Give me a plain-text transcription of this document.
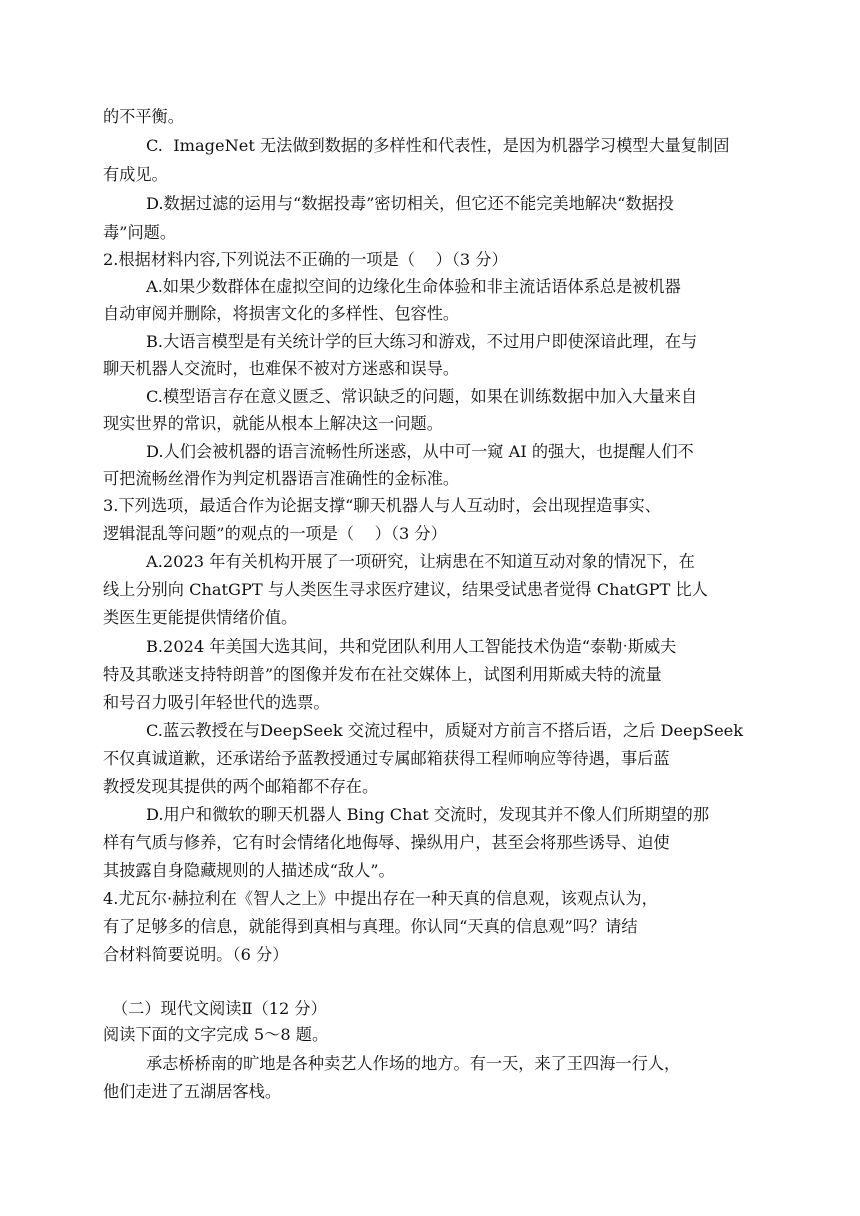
的不平衡。
C.  ImageNet 无法做到数据的多样性和代表性，是因为机器学习模型大量复制固
有成见。
D.数据过滤的运用与“数据投毒”密切相关，但它还不能完美地解决“数据投
毒”问题。
2.根据材料内容,下列说法不正确的一项是（    ）（3 分）
A.如果少数群体在虚拟空间的边缘化生命体验和非主流话语体系总是被机器
自动审阅并删除，将损害文化的多样性、包容性。
B.大语言模型是有关统计学的巨大练习和游戏，不过用户即使深谙此理，在与
聊天机器人交流时，也难保不被对方迷惑和误导。
C.模型语言存在意义匮乏、常识缺乏的问题，如果在训练数据中加入大量来自
现实世界的常识，就能从根本上解决这一问题。
D.人们会被机器的语言流畅性所迷惑，从中可一窥 AI 的强大，也提醒人们不
可把流畅丝滑作为判定机器语言准确性的金标准。
3.下列选项，最适合作为论据支撑“聊天机器人与人互动时，会出现捏造事实、
逻辑混乱等问题”的观点的一项是（    ）（3 分）
A.2023 年有关机构开展了一项研究，让病患在不知道互动对象的情况下，在
线上分别向 ChatGPT 与人类医生寻求医疗建议，结果受试患者觉得 ChatGPT 比人
类医生更能提供情绪价值。
B.2024 年美国大选其间，共和党团队利用人工智能技术伪造“泰勒ˑ斯威夫
特及其歌迷支持特朗普”的图像并发布在社交媒体上，试图利用斯威夫特的流量
和号召力吸引年轻世代的选票。
C.蓝云教授在与DeepSeek 交流过程中，质疑对方前言不搭后语，之后 DeepSeek
不仅真诚道歉，还承诺给予蓝教授通过专属邮箱获得工程师响应等待遇，事后蓝
教授发现其提供的两个邮箱都不存在。
D.用户和微软的聊天机器人 Bing Chat 交流时，发现其并不像人们所期望的那
样有气质与修养，它有时会情绪化地侮辱、操纵用户，甚至会将那些诱导、迫使
其披露自身隐藏规则的人描述成“敌人”。
4.尤瓦尔·赫拉利在《智人之上》中提出存在一种天真的信息观，该观点认为，
有了足够多的信息，就能得到真相与真理。你认同“天真的信息观”吗？请结
合材料简要说明。（6 分）
（二）现代文阅读Ⅱ（12 分）
阅读下面的文字完成 5～8 题。
承志桥桥南的旷地是各种卖艺人作场的地方。有一天，来了王四海一行人，
他们走进了五湖居客栈。
